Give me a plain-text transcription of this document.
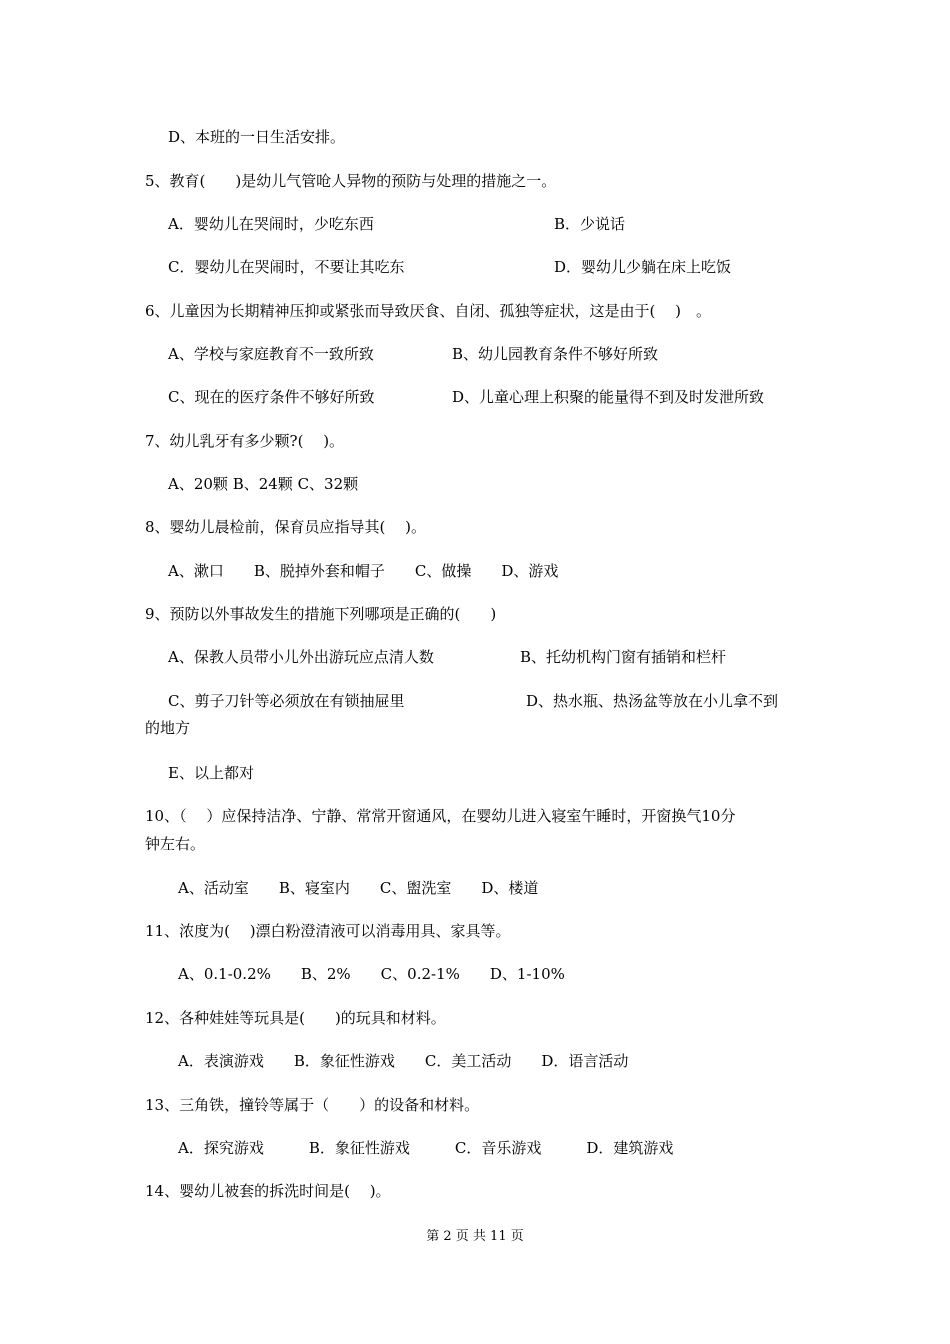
D、本班的一日生活安排。
5、教育(　　)是幼儿气管呛人异物的预防与处理的措施之一。
A．婴幼儿在哭闹时，少吃东西	B．少说话
C．婴幼儿在哭闹时，不要让其吃东	D．婴幼儿少躺在床上吃饭
6、儿童因为长期精神压抑或紧张而导致厌食、自闭、孤独等症状，这是由于(　 )　。
A、学校与家庭教育不一致所致	B、幼儿园教育条件不够好所致
C、现在的医疗条件不够好所致	D、儿童心理上积聚的能量得不到及时发泄所致
7、幼儿乳牙有多少颗?(　 )。
A、20颗 B、24颗 C、32颗
8、婴幼儿晨检前，保育员应指导其(　 )。
A、漱口　　B、脱掉外套和帽子　　C、做操　　D、游戏
9、预防以外事故发生的措施下列哪项是正确的(　　)
A、保教人员带小儿外出游玩应点清人数	B、托幼机构门窗有插销和栏杆
C、剪子刀针等必须放在有锁抽屉里	D、热水瓶、热汤盆等放在小儿拿不到
的地方
E、以上都对
10、（　 ）应保持洁净、宁静、常常开窗通风，在婴幼儿进入寝室午睡时，开窗换气10分
钟左右。
A、活动室　　B、寝室内　　C、盥洗室　　D、楼道
11、浓度为(　 )漂白粉澄清液可以消毒用具、家具等。
A、0.1-0.2%　　B、2%　　C、0.2-1%　　D、1-10%
12、各种娃娃等玩具是(　　)的玩具和材料。
A．表演游戏　　B．象征性游戏　　C．美工活动　　D．语言活动
13、三角铁，撞铃等属于（　　）的设备和材料。
A．探究游戏　　　B．象征性游戏　　　C．音乐游戏　　　D．建筑游戏
14、婴幼儿被套的拆洗时间是(　 )。
第 2 页 共 11 页
